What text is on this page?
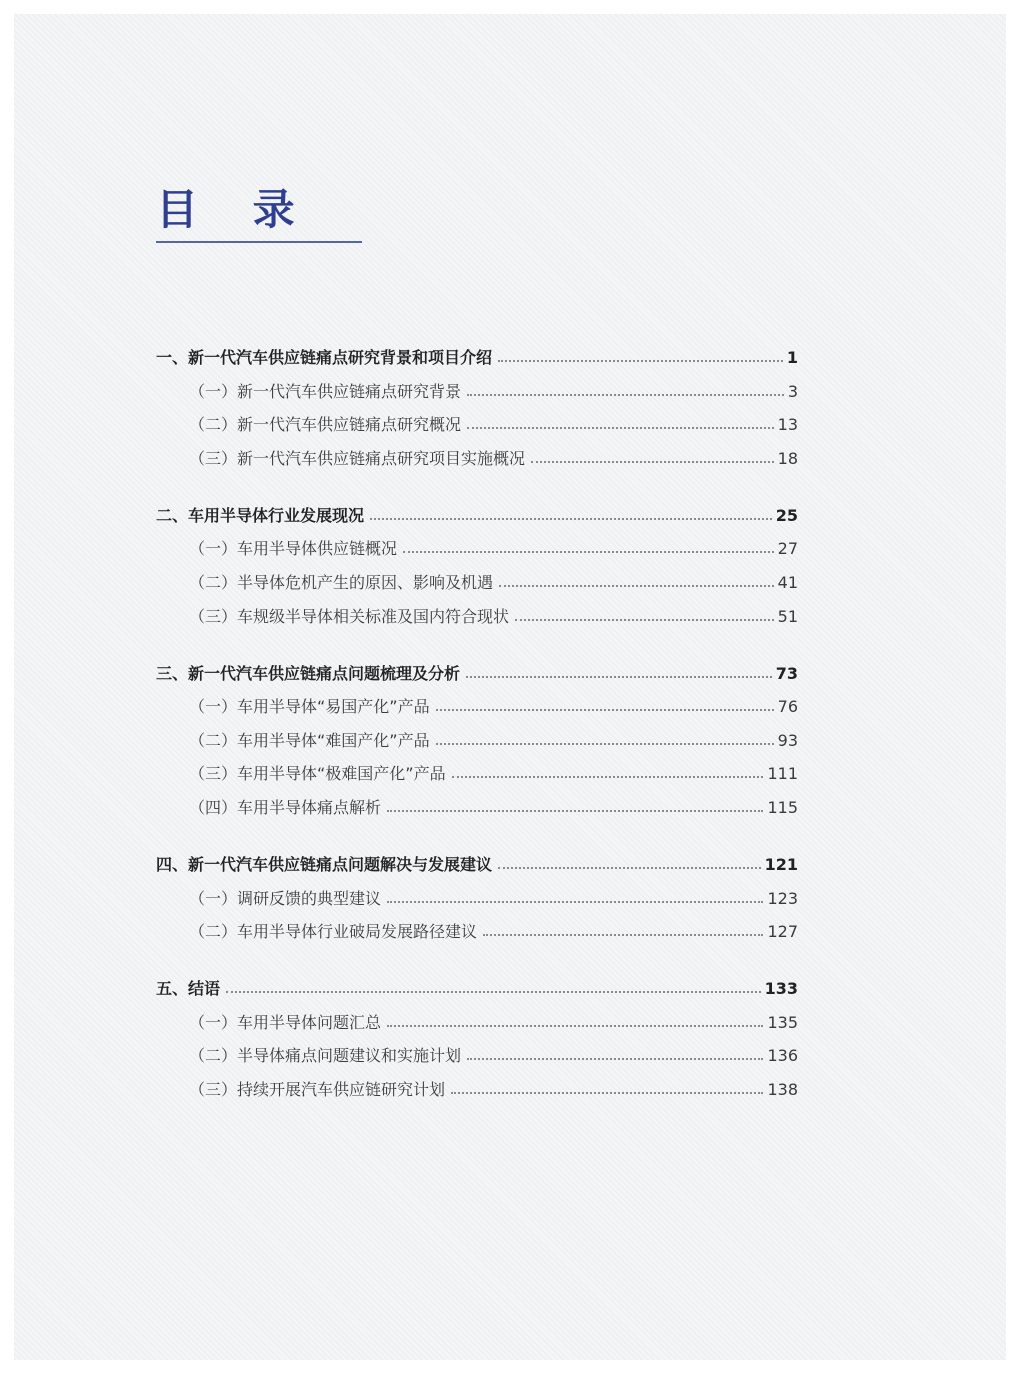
目 录
一、新一代汽车供应链痛点研究背景和项目介绍	1
（一）新一代汽车供应链痛点研究背景	3
（二）新一代汽车供应链痛点研究概况	13
（三）新一代汽车供应链痛点研究项目实施概况	18
二、车用半导体行业发展现况	25
（一）车用半导体供应链概况	27
（二）半导体危机产生的原因、影响及机遇	41
（三）车规级半导体相关标准及国内符合现状	51
三、新一代汽车供应链痛点问题梳理及分析	73
（一）车用半导体“易国产化”产品	76
（二）车用半导体“难国产化”产品	93
（三）车用半导体“极难国产化”产品	111
（四）车用半导体痛点解析	115
四、新一代汽车供应链痛点问题解决与发展建议	121
（一）调研反馈的典型建议	123
（二）车用半导体行业破局发展路径建议	127
五、结语	133
（一）车用半导体问题汇总	135
（二）半导体痛点问题建议和实施计划	136
（三）持续开展汽车供应链研究计划	138
